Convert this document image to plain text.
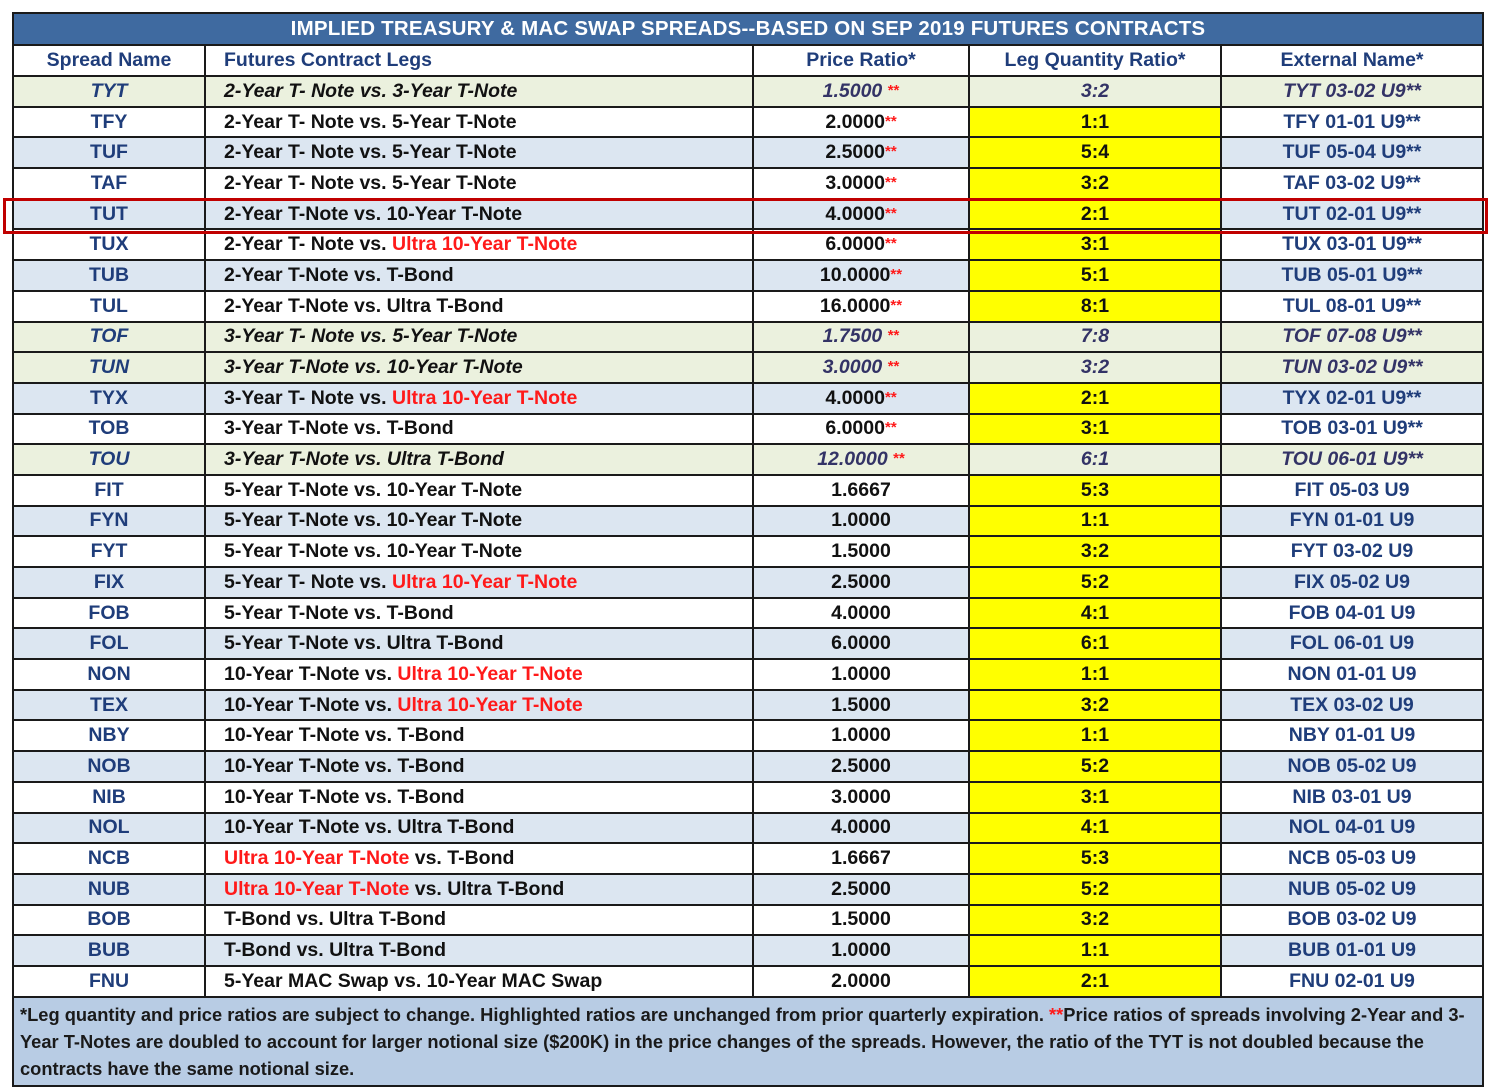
IMPLIED TREASURY & MAC SWAP SPREADS--BASED ON SEP 2019 FUTURES CONTRACTS				
Spread Name	Futures Contract Legs	Price Ratio*	Leg Quantity Ratio*	External Name*
TYT	2-Year T- Note vs. 3-Year T-Note	1.5000 **	3:2	TYT 03-02 U9**
TFY	2-Year T- Note vs. 5-Year T-Note	2.0000**	1:1	TFY 01-01 U9**
TUF	2-Year T- Note vs. 5-Year T-Note	2.5000**	5:4	TUF 05-04 U9**
TAF	2-Year T- Note vs. 5-Year T-Note	3.0000**	3:2	TAF 03-02 U9**
TUT	2-Year T-Note vs. 10-Year T-Note	4.0000**	2:1	TUT 02-01 U9**
TUX	2-Year T- Note vs. Ultra 10-Year T-Note	6.0000**	3:1	TUX 03-01 U9**
TUB	2-Year T-Note vs. T-Bond	10.0000**	5:1	TUB 05-01 U9**
TUL	2-Year T-Note vs. Ultra T-Bond	16.0000**	8:1	TUL 08-01 U9**
TOF	3-Year T- Note vs. 5-Year T-Note	1.7500 **	7:8	TOF 07-08 U9**
TUN	3-Year T-Note vs. 10-Year T-Note	3.0000 **	3:2	TUN 03-02 U9**
TYX	3-Year T- Note vs. Ultra 10-Year T-Note	4.0000**	2:1	TYX 02-01 U9**
TOB	3-Year T-Note vs. T-Bond	6.0000**	3:1	TOB 03-01 U9**
TOU	3-Year T-Note vs. Ultra T-Bond	12.0000 **	6:1	TOU 06-01 U9**
FIT	5-Year T-Note vs. 10-Year T-Note	1.6667	5:3	FIT 05-03 U9
FYN	5-Year T-Note vs. 10-Year T-Note	1.0000	1:1	FYN 01-01 U9
FYT	5-Year T-Note vs. 10-Year T-Note	1.5000	3:2	FYT 03-02 U9
FIX	5-Year T- Note vs. Ultra 10-Year T-Note	2.5000	5:2	FIX 05-02 U9
FOB	5-Year T-Note vs. T-Bond	4.0000	4:1	FOB 04-01 U9
FOL	5-Year T-Note vs. Ultra T-Bond	6.0000	6:1	FOL 06-01 U9
NON	10-Year T-Note vs. Ultra 10-Year T-Note	1.0000	1:1	NON 01-01 U9
TEX	10-Year T-Note vs. Ultra 10-Year T-Note	1.5000	3:2	TEX 03-02 U9
NBY	10-Year T-Note vs. T-Bond	1.0000	1:1	NBY 01-01 U9
NOB	10-Year T-Note vs. T-Bond	2.5000	5:2	NOB 05-02 U9
NIB	10-Year T-Note vs. T-Bond	3.0000	3:1	NIB 03-01 U9
NOL	10-Year T-Note vs. Ultra T-Bond	4.0000	4:1	NOL 04-01 U9
NCB	Ultra 10-Year T-Note vs. T-Bond	1.6667	5:3	NCB 05-03 U9
NUB	Ultra 10-Year T-Note vs. Ultra T-Bond	2.5000	5:2	NUB 05-02 U9
BOB	T-Bond vs. Ultra T-Bond	1.5000	3:2	BOB 03-02 U9
BUB	T-Bond vs. Ultra T-Bond	1.0000	1:1	BUB 01-01 U9
FNU	5-Year MAC Swap vs. 10-Year MAC Swap	2.0000	2:1	FNU 02-01 U9
*Leg quantity and price ratios are subject to change. Highlighted ratios are unchanged from prior quarterly expiration. **Price ratios of spreads involving 2-Year and 3-Year T-Notes are doubled to account for larger notional size ($200K) in the price changes of the spreads. However, the ratio of the TYT is not doubled because the contracts have the same notional size.				
